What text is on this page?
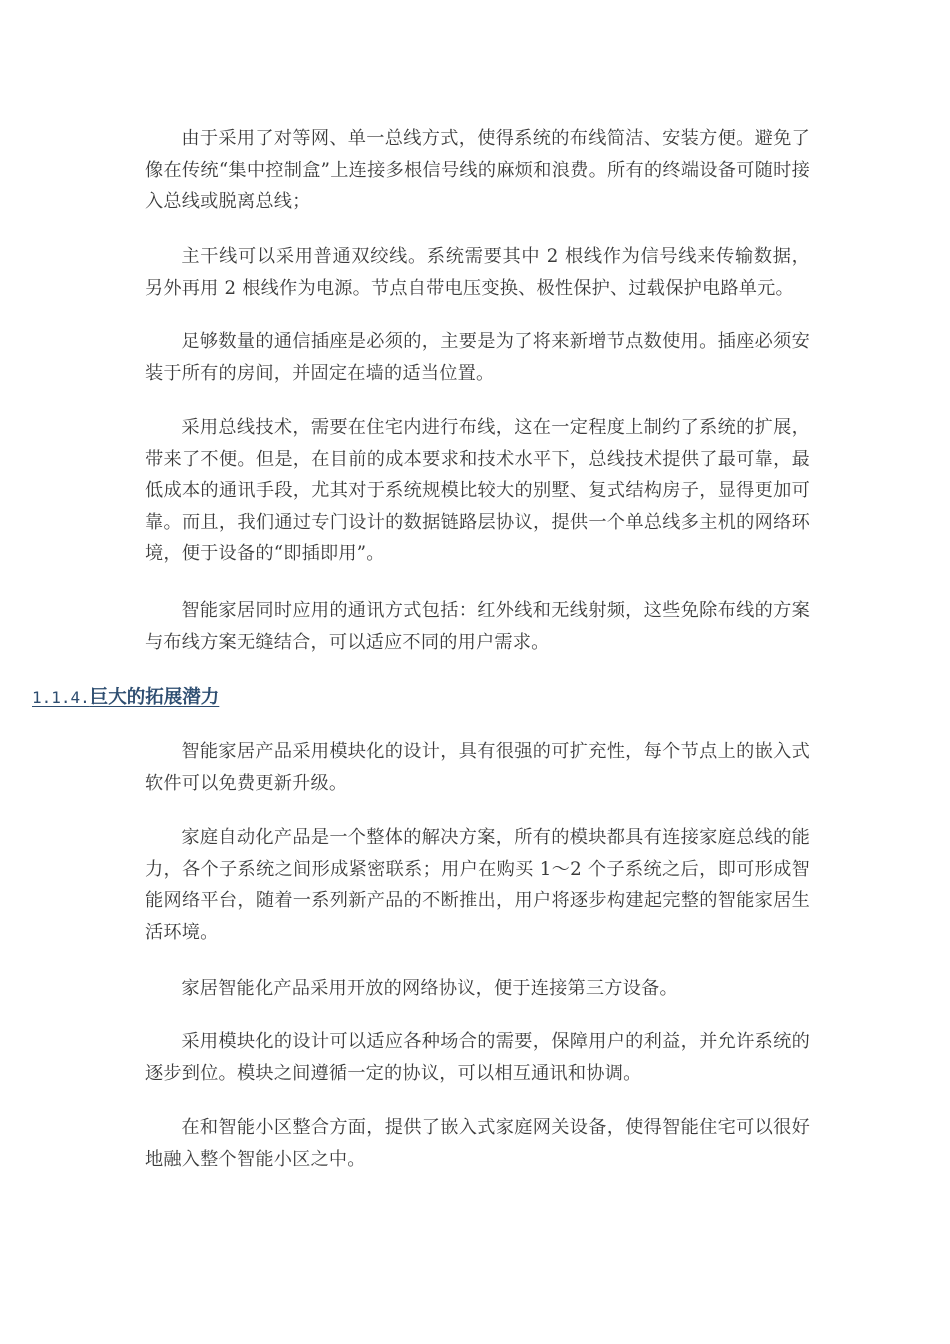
由于采用了对等网、单一总线方式，使得系统的布线简洁、安装方便。避免了像在传统“集中控制盒”上连接多根信号线的麻烦和浪费。所有的终端设备可随时接入总线或脱离总线；

主干线可以采用普通双绞线。系统需要其中 2 根线作为信号线来传输数据，另外再用 2 根线作为电源。节点自带电压变换、极性保护、过载保护电路单元。

足够数量的通信插座是必须的，主要是为了将来新增节点数使用。插座必须安装于所有的房间，并固定在墙的适当位置。

采用总线技术，需要在住宅内进行布线，这在一定程度上制约了系统的扩展，带来了不便。但是，在目前的成本要求和技术水平下，总线技术提供了最可靠，最低成本的通讯手段，尤其对于系统规模比较大的别墅、复式结构房子，显得更加可靠。而且，我们通过专门设计的数据链路层协议，提供一个单总线多主机的网络环境，便于设备的“即插即用”。

智能家居同时应用的通讯方式包括：红外线和无线射频，这些免除布线的方案与布线方案无缝结合，可以适应不同的用户需求。

1.1.4.巨大的拓展潜力

智能家居产品采用模块化的设计，具有很强的可扩充性，每个节点上的嵌入式软件可以免费更新升级。

家庭自动化产品是一个整体的解决方案，所有的模块都具有连接家庭总线的能力，各个子系统之间形成紧密联系；用户在购买 1～2 个子系统之后，即可形成智能网络平台，随着一系列新产品的不断推出，用户将逐步构建起完整的智能家居生活环境。

家居智能化产品采用开放的网络协议，便于连接第三方设备。

采用模块化的设计可以适应各种场合的需要，保障用户的利益，并允许系统的逐步到位。模块之间遵循一定的协议，可以相互通讯和协调。

在和智能小区整合方面，提供了嵌入式家庭网关设备，使得智能住宅可以很好地融入整个智能小区之中。
